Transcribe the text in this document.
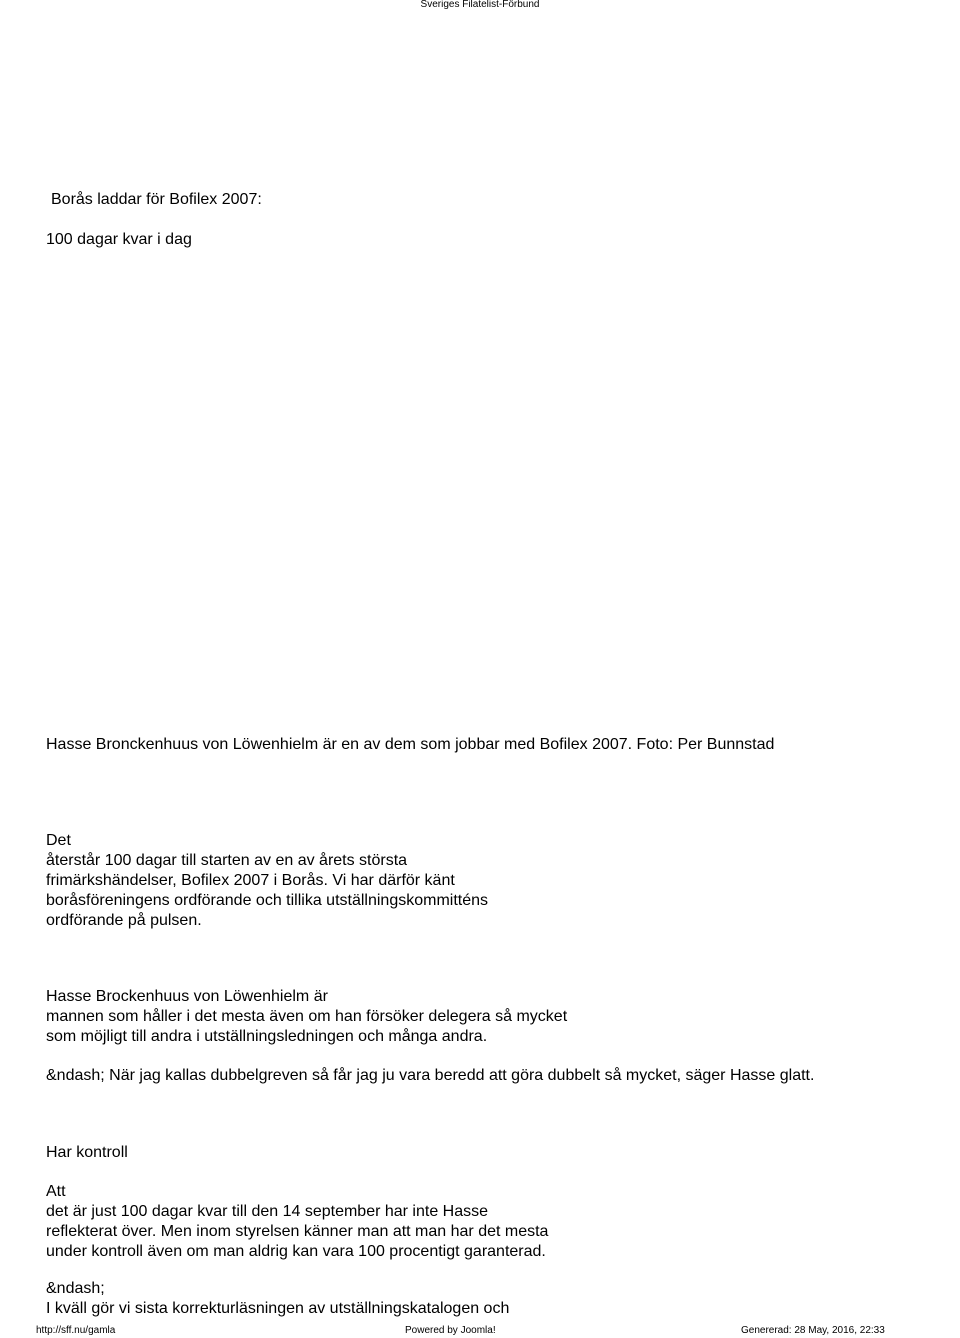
Sveriges Filatelist-Förbund
Borås laddar för Bofilex 2007:
100 dagar kvar i dag
Hasse Bronckenhuus von Löwenhielm är en av dem som jobbar med Bofilex 2007. Foto: Per Bunnstad
Det
återstår 100 dagar till starten av en av årets största
frimärkshändelser, Bofilex 2007 i Borås. Vi har därför känt
boråsföreningens ordförande och tillika utställningskommitténs
ordförande på pulsen.
Hasse Brockenhuus von Löwenhielm är
mannen som håller i det mesta även om han försöker delegera så mycket
som möjligt till andra i utställningsledningen och många andra.
&ndash; När jag kallas dubbelgreven så får jag ju vara beredd att göra dubbelt så mycket, säger Hasse glatt.
Har kontroll
Att
det är just 100 dagar kvar till den 14 september har inte Hasse
reflekterat över. Men inom styrelsen känner man att man har det mesta
under kontroll även om man aldrig kan vara 100 procentigt garanterad.
&ndash;
I kväll gör vi sista korrekturläsningen av utställningskatalogen och
http://sff.nu/gamla	Powered by Joomla!	Genererad: 28 May, 2016, 22:33
